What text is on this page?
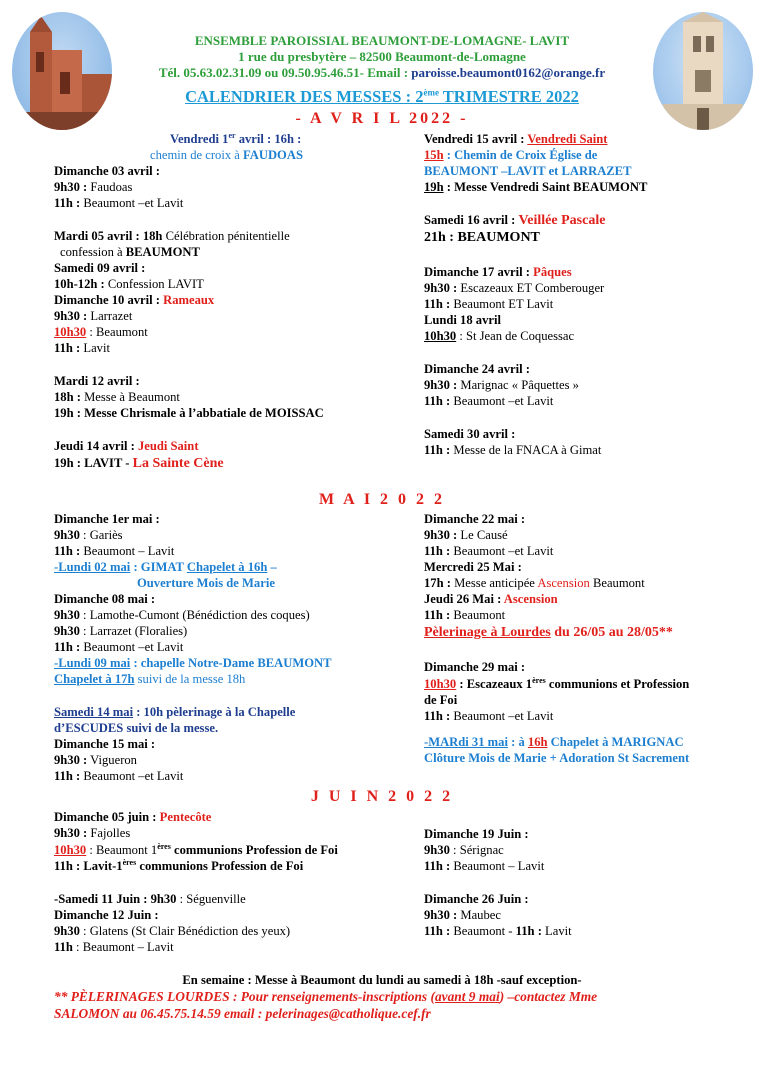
ENSEMBLE PAROISSIAL BEAUMONT-DE-LOMAGNE- LAVIT
1 rue du presbytère – 82500 Beaumont-de-Lomagne
Tél. 05.63.02.31.09 ou 09.50.95.46.51- Email : paroisse.beaumont0162@orange.fr
CALENDRIER DES MESSES : 2ème TRIMESTRE 2022
- A V R I L 2022 -
Vendredi 1er avril : 16h :
chemin de croix à FAUDOAS
Dimanche 03 avril :
9h30 : Faudoas
11h : Beaumont –et Lavit
Mardi 05 avril : 18h Célébration pénitentielle
confession à BEAUMONT
Samedi 09 avril :
10h-12h : Confession LAVIT
Dimanche 10 avril : Rameaux
9h30 : Larrazet
10h30 : Beaumont
11h : Lavit
Mardi 12 avril :
18h : Messe à Beaumont
19h : Messe Chrismale à l’abbatiale de MOISSAC
Jeudi 14 avril : Jeudi Saint
19h : LAVIT - La Sainte Cène
Vendredi 15 avril : Vendredi Saint
15h : Chemin de Croix Église de
BEAUMONT –LAVIT et LARRAZET
19h : Messe Vendredi Saint BEAUMONT
Samedi 16 avril : Veillée Pascale
21h : BEAUMONT
Dimanche 17 avril : Pâques
9h30 : Escazeaux ET Comberouger
11h : Beaumont ET Lavit
Lundi 18 avril
10h30 : St Jean de Coquessac
Dimanche 24 avril :
9h30 : Marignac « Pâquettes »
11h : Beaumont –et Lavit
Samedi 30 avril :
11h : Messe de la FNACA à Gimat
M A I 2 0 2 2
Dimanche 1er mai :
9h30 : Gariès
11h : Beaumont – Lavit
-Lundi 02 mai : GIMAT Chapelet à 16h –
Ouverture Mois de Marie
Dimanche 08 mai :
9h30 : Lamothe-Cumont (Bénédiction des coques)
9h30 : Larrazet (Floralies)
11h : Beaumont –et Lavit
-Lundi 09 mai : chapelle Notre-Dame BEAUMONT
Chapelet à 17h suivi de la messe 18h
Samedi 14 mai : 10h pèlerinage à la Chapelle
d’ESCUDES suivi de la messe.
Dimanche 15 mai :
9h30 : Vigueron
11h : Beaumont –et Lavit
Dimanche 22 mai :
9h30 : Le Causé
11h : Beaumont –et Lavit
Mercredi 25 Mai :
17h : Messe anticipée Ascension Beaumont
Jeudi 26 Mai : Ascension
11h : Beaumont
Pèlerinage à Lourdes du 26/05 au 28/05**
Dimanche 29 mai :
10h30 : Escazeaux 1ères communions et Profession
de Foi
11h : Beaumont –et Lavit
-MARdi 31 mai : à 16h Chapelet à MARIGNAC
Clôture Mois de Marie + Adoration St Sacrement
J U I N 2 0 2 2
Dimanche 05 juin : Pentecôte
9h30 : Fajolles
10h30 : Beaumont 1ères communions Profession de Foi
11h : Lavit-1ères communions Profession de Foi
-Samedi 11 Juin : 9h30 : Séguenville
Dimanche 12 Juin :
9h30 : Glatens (St Clair Bénédiction des yeux)
11h : Beaumont – Lavit
Dimanche 19 Juin :
9h30 : Sérignac
11h : Beaumont – Lavit
Dimanche 26 Juin :
9h30 : Maubec
11h : Beaumont - 11h : Lavit
En semaine : Messe à Beaumont du lundi au samedi à 18h -sauf exception-
** PÈLERINAGES LOURDES : Pour renseignements-inscriptions (avant 9 mai) –contactez Mme
SALOMON au 06.45.75.14.59 email : pelerinages@catholique.cef.fr
